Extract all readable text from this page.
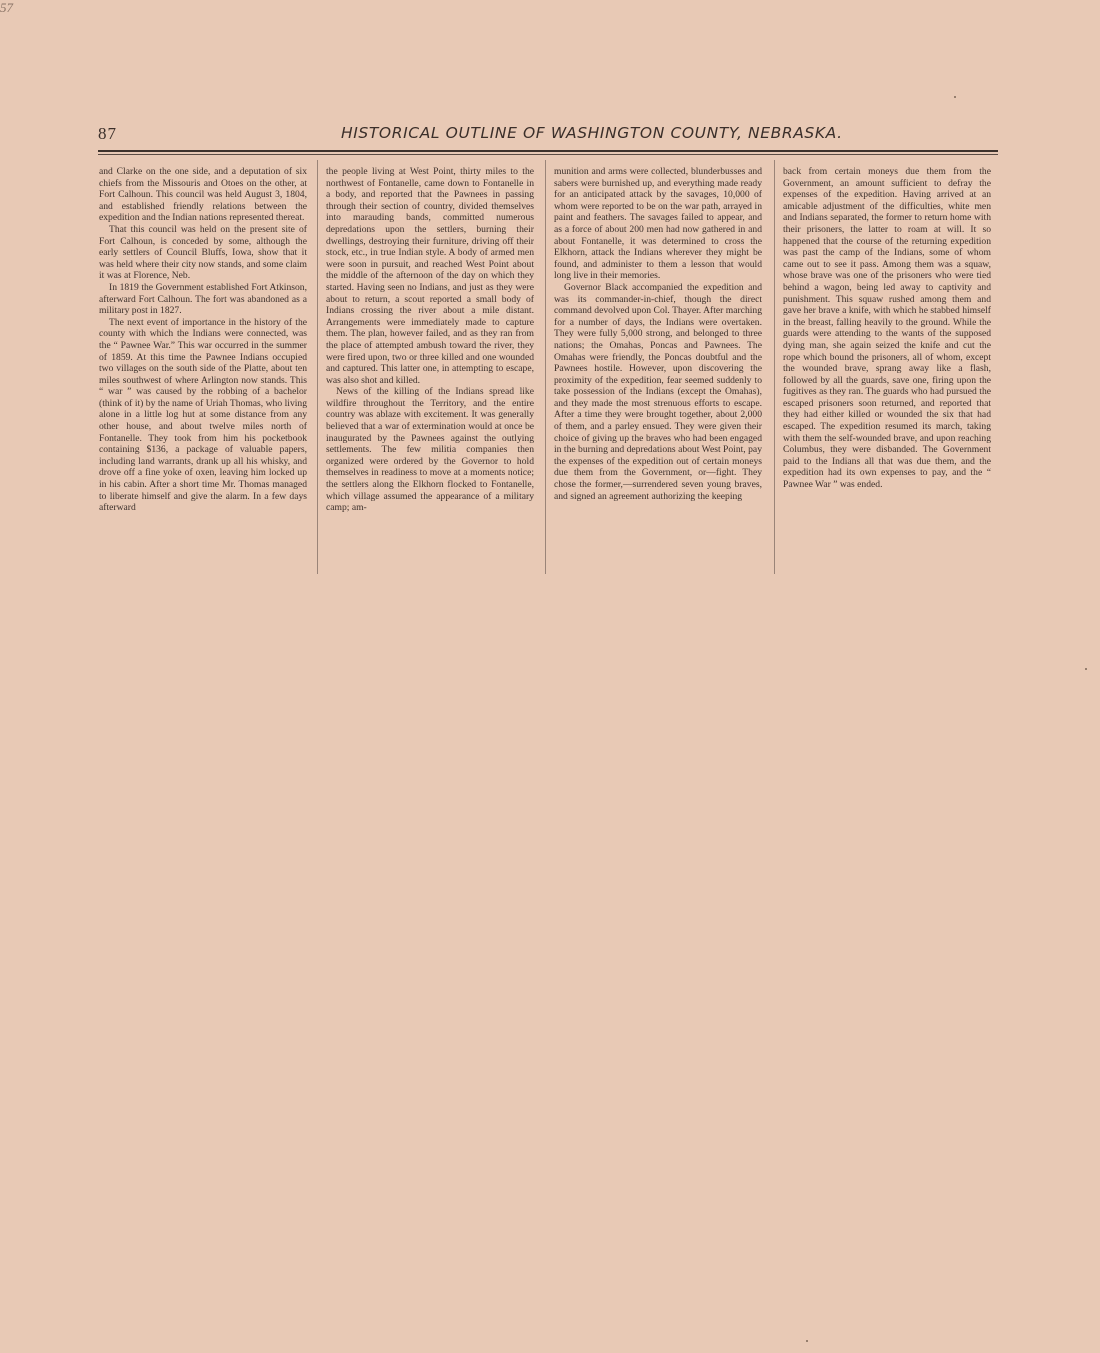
57
87	HISTORICAL OUTLINE OF WASHINGTON COUNTY, NEBRASKA.

and Clarke on the one side, and a deputation of six chiefs from the Missouris and Otoes on the other, at Fort Calhoun. This council was held August 3, 1804, and established friendly relations between the expedition and the Indian nations represented thereat.

That this council was held on the present site of Fort Calhoun, is conceded by some, although the early settlers of Council Bluffs, Iowa, show that it was held where their city now stands, and some claim it was at Florence, Neb.

In 1819 the Government established Fort Atkinson, afterward Fort Calhoun. The fort was abandoned as a military post in 1827.

The next event of importance in the history of the county with which the Indians were connected, was the “ Pawnee War.” This war occurred in the summer of 1859. At this time the Pawnee Indians occupied two villages on the south side of the Platte, about ten miles southwest of where Arlington now stands. This “ war ” was caused by the robbing of a bachelor (think of it) by the name of Uriah Thomas, who living alone in a little log hut at some distance from any other house, and about twelve miles north of Fontanelle. They took from him his pocketbook containing $136, a package of valuable papers, including land warrants, drank up all his whisky, and drove off a fine yoke of oxen, leaving him locked up in his cabin. After a short time Mr. Thomas managed to liberate himself and give the alarm. In a few days afterward

the people living at West Point, thirty miles to the northwest of Fontanelle, came down to Fontanelle in a body, and reported that the Pawnees in passing through their section of country, divided themselves into marauding bands, committed numerous depredations upon the settlers, burning their dwellings, destroying their furniture, driving off their stock, etc., in true Indian style. A body of armed men were soon in pursuit, and reached West Point about the middle of the afternoon of the day on which they started. Having seen no Indians, and just as they were about to return, a scout reported a small body of Indians crossing the river about a mile distant. Arrangements were immediately made to capture them. The plan, however failed, and as they ran from the place of attempted ambush toward the river, they were fired upon, two or three killed and one wounded and captured. This latter one, in attempting to escape, was also shot and killed.

News of the killing of the Indians spread like wildfire throughout the Territory, and the entire country was ablaze with excitement. It was generally believed that a war of extermination would at once be inaugurated by the Pawnees against the outlying settlements. The few militia companies then organized were ordered by the Governor to hold themselves in readiness to move at a moments notice; the settlers along the Elkhorn flocked to Fontanelle, which village assumed the appearance of a military camp; am-

munition and arms were collected, blunderbusses and sabers were burnished up, and everything made ready for an anticipated attack by the savages, 10,000 of whom were reported to be on the war path, arrayed in paint and feathers. The savages failed to appear, and as a force of about 200 men had now gathered in and about Fontanelle, it was determined to cross the Elkhorn, attack the Indians wherever they might be found, and administer to them a lesson that would long live in their memories.

Governor Black accompanied the expedition and was its commander-in-chief, though the direct command devolved upon Col. Thayer. After marching for a number of days, the Indians were overtaken. They were fully 5,000 strong, and belonged to three nations; the Omahas, Poncas and Pawnees. The Omahas were friendly, the Poncas doubtful and the Pawnees hostile. However, upon discovering the proximity of the expedition, fear seemed suddenly to take possession of the Indians (except the Omahas), and they made the most strenuous efforts to escape. After a time they were brought together, about 2,000 of them, and a parley ensued. They were given their choice of giving up the braves who had been engaged in the burning and depredations about West Point, pay the expenses of the expedition out of certain moneys due them from the Government, or—fight. They chose the former,—surrendered seven young braves, and signed an agreement authorizing the keeping

back from certain moneys due them from the Government, an amount sufficient to defray the expenses of the expedition. Having arrived at an amicable adjustment of the difficulties, white men and Indians separated, the former to return home with their prisoners, the latter to roam at will. It so happened that the course of the returning expedition was past the camp of the Indians, some of whom came out to see it pass. Among them was a squaw, whose brave was one of the prisoners who were tied behind a wagon, being led away to captivity and punishment. This squaw rushed among them and gave her brave a knife, with which he stabbed himself in the breast, falling heavily to the ground. While the guards were attending to the wants of the supposed dying man, she again seized the knife and cut the rope which bound the prisoners, all of whom, except the wounded brave, sprang away like a flash, followed by all the guards, save one, firing upon the fugitives as they ran. The guards who had pursued the escaped prisoners soon returned, and reported that they had either killed or wounded the six that had escaped. The expedition resumed its march, taking with them the self-wounded brave, and upon reaching Columbus, they were disbanded. The Government paid to the Indians all that was due them, and the expedition had its own expenses to pay, and the “ Pawnee War ” was ended.
